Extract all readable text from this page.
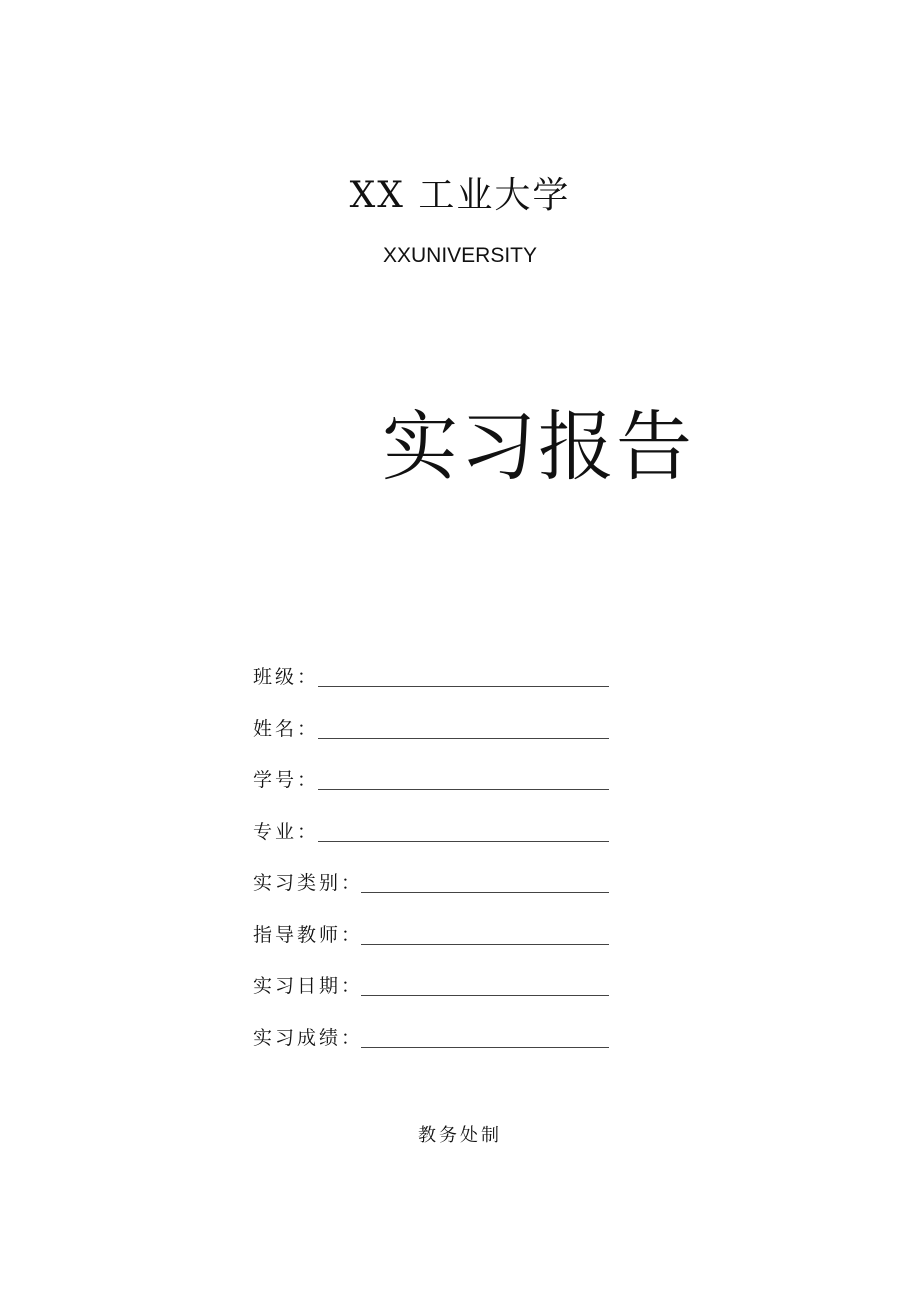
XX 工业大学
XXUNIVERSITY
实习报告
班级：
姓名：
学号：
专业：
实习类别：
指导教师：
实习日期：
实习成绩：
教务处制
